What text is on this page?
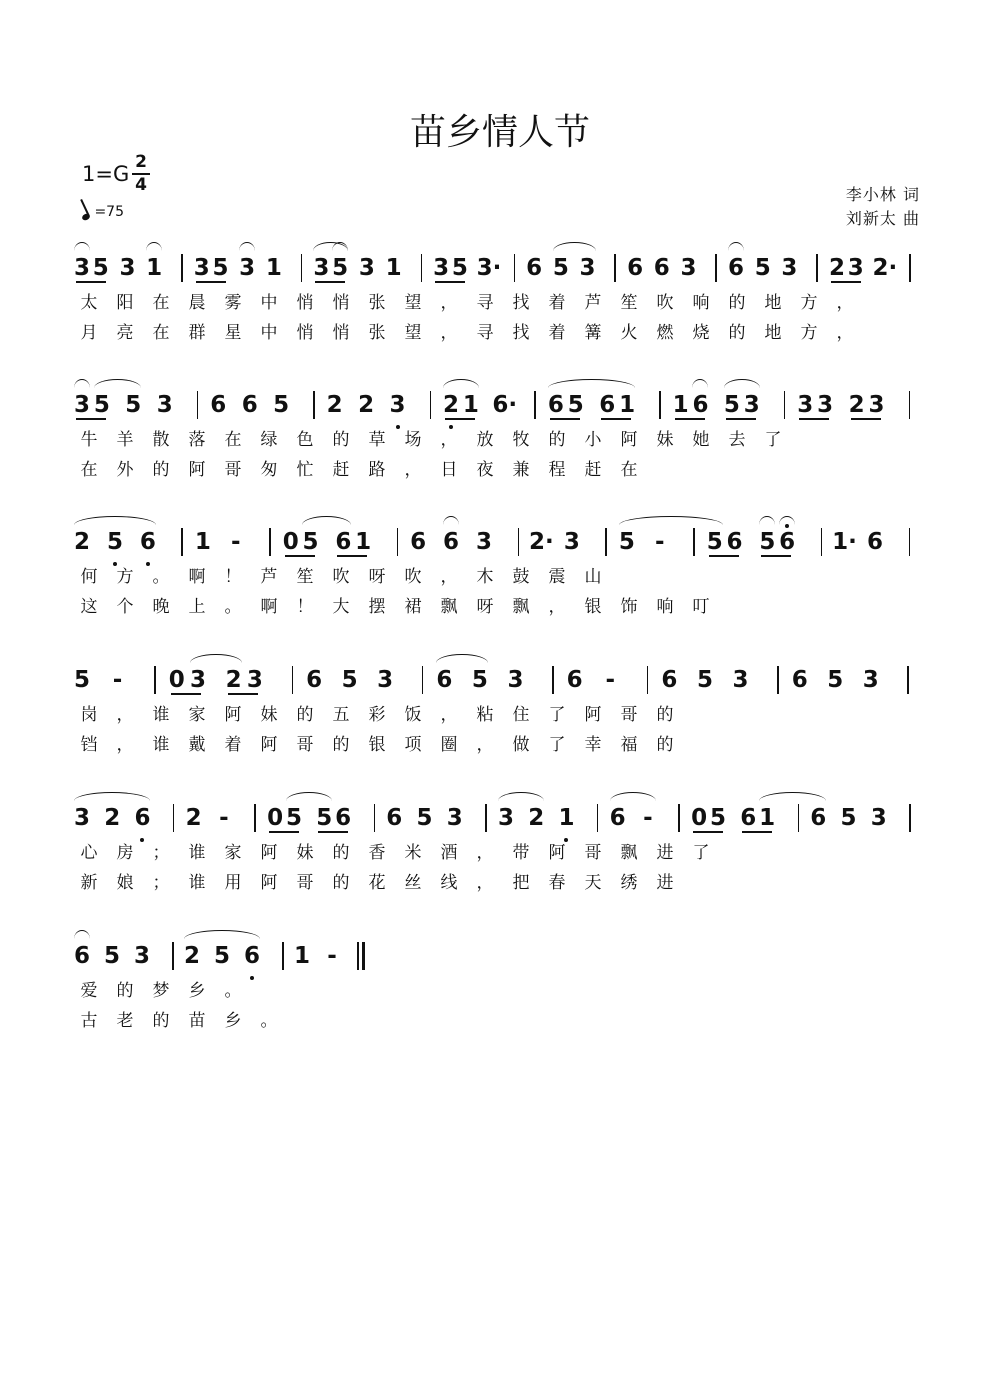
苗乡情人节
1=G 2
4
=75
李小林 词
刘新太 曲
3 5 3 1 3 5 3 1 3 5 3 1 3 5 3· 6 5 3 6 6 3 6 5 3 2 3 2·
太 阳 在 晨 雾 中 悄 悄 张 望 ， 寻 找 着 芦 笙 吹 响 的 地 方 ，
月 亮 在 群 星 中 悄 悄 张 望 ， 寻 找 着 篝 火 燃 烧 的 地 方 ，
3 5 5 3 6 6 5 2 2 3 2 1 6· 6 5 6 1 1 6 5 3 3 3 2 3
牛 羊 散 落 在 绿 色 的 草 场 ， 放 牧 的 小 阿 妹 她 去 了
在 外 的 阿 哥 匆 忙 赶 路 ， 日 夜 兼 程 赶 在
2 5 6 1 - 0 5 6 1 6 6 3 2· 3 5 - 5 6 5 6 1· 6
何 方 。 啊 ！ 芦 笙 吹 呀 吹 ， 木 鼓 震 山
这 个 晚 上 。 啊 ！ 大 摆 裙 飘 呀 飘 ， 银 饰 响 叮
5 - 0 3 2 3 6 5 3 6 5 3 6 - 6 5 3 6 5 3
岗 ， 谁 家 阿 妹 的 五 彩 饭 ， 粘 住 了 阿 哥 的
铛 ， 谁 戴 着 阿 哥 的 银 项 圈 ， 做 了 幸 福 的
3 2 6 2 - 0 5 5 6 6 5 3 3 2 1 6 - 0 5 6 1 6 5 3
心 房 ； 谁 家 阿 妹 的 香 米 酒 ， 带 阿 哥 飘 进 了
新 娘 ； 谁 用 阿 哥 的 花 丝 线 ， 把 春 天 绣 进
6 5 3 2 5 6 1 -
爱 的 梦 乡 。
古 老 的 苗 乡 。
